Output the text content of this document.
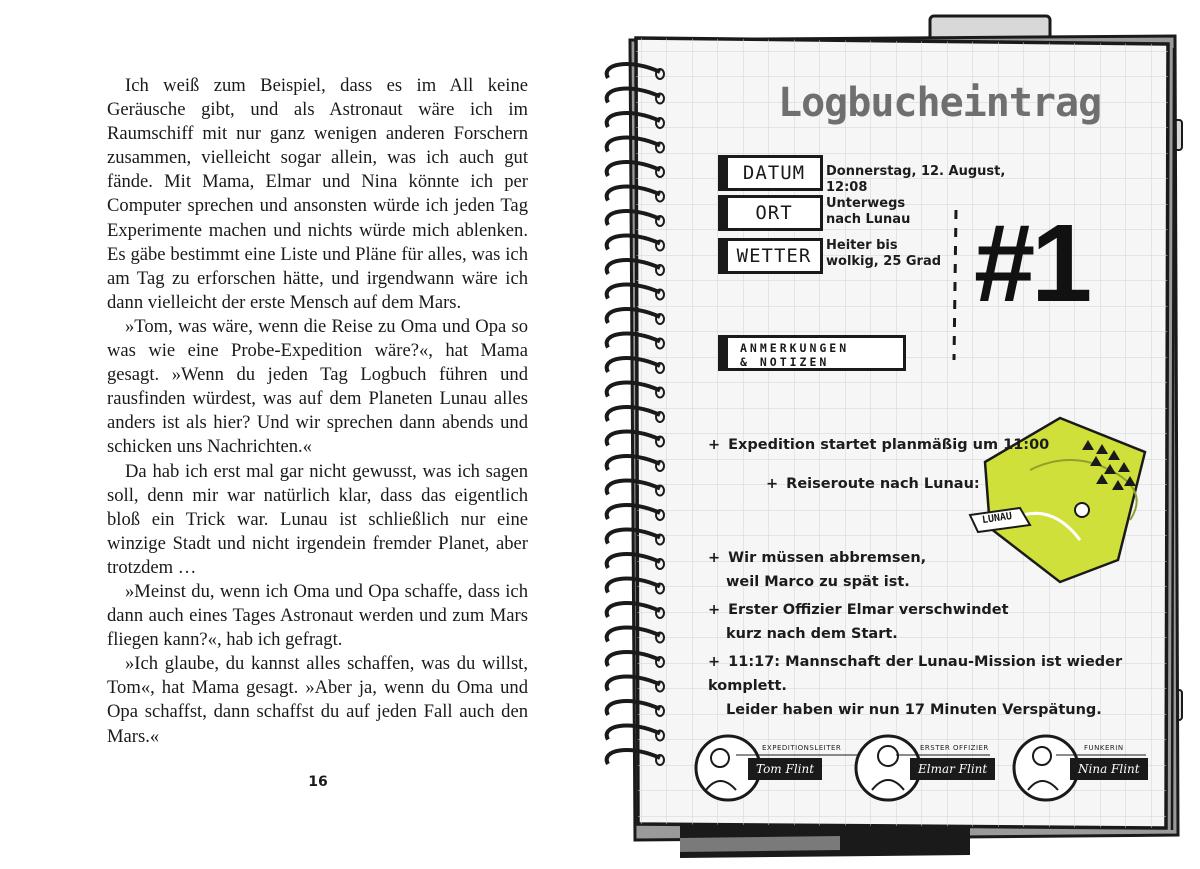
Ich weiß zum Beispiel, dass es im All keine Geräusche gibt, und als Astronaut wäre ich im Raumschiff mit nur ganz wenigen anderen Forschern zusammen, vielleicht sogar allein, was ich auch gut fände. Mit Mama, Elmar und Nina könnte ich per Computer sprechen und ansonsten würde ich jeden Tag Experimente machen und nichts würde mich ablenken. Es gäbe bestimmt eine Liste und Pläne für alles, was ich am Tag zu erforschen hätte, und irgendwann wäre ich dann vielleicht der erste Mensch auf dem Mars.

»Tom, was wäre, wenn die Reise zu Oma und Opa so was wie eine Probe-Expedition wäre?«, hat Mama gesagt. »Wenn du jeden Tag Logbuch führen und rausfinden würdest, was auf dem Planeten Lunau alles anders ist als hier? Und wir sprechen dann abends und schicken uns Nachrichten.«

Da hab ich erst mal gar nicht gewusst, was ich sagen soll, denn mir war natürlich klar, dass das eigentlich bloß ein Trick war. Lunau ist schließlich nur eine winzige Stadt und nicht irgendein fremder Planet, aber trotzdem …

»Meinst du, wenn ich Oma und Opa schaffe, dass ich dann auch eines Tages Astronaut werden und zum Mars fliegen kann?«, hab ich gefragt.

»Ich glaube, du kannst alles schaffen, was du willst, Tom«, hat Mama gesagt. »Aber ja, wenn du Oma und Opa schaffst, dann schaffst du auf jeden Fall auch den Mars.«

16
Logbucheintrag
DATUM	Donnerstag, 12. August, 12:08
ORT	Unterwegs nach Lunau
WETTER	Heiter bis wolkig, 25 Grad #1
ANMERKUNGEN
& NOTIZEN
+ Expedition startet planmäßig um 11:00
+ Reiseroute nach Lunau:
+ Wir müssen abbremsen,
weil Marco zu spät ist.
+ Erster Offizier Elmar verschwindet
kurz nach dem Start.
+ 11:17: Mannschaft der Lunau-Mission ist wieder komplett.
Leider haben wir nun 17 Minuten Verspätung.
LUNAU
EXPEDITIONSLEITER
Tom Flint
ERSTER OFFIZIER
Elmar Flint
FUNKERIN
Nina Flint
